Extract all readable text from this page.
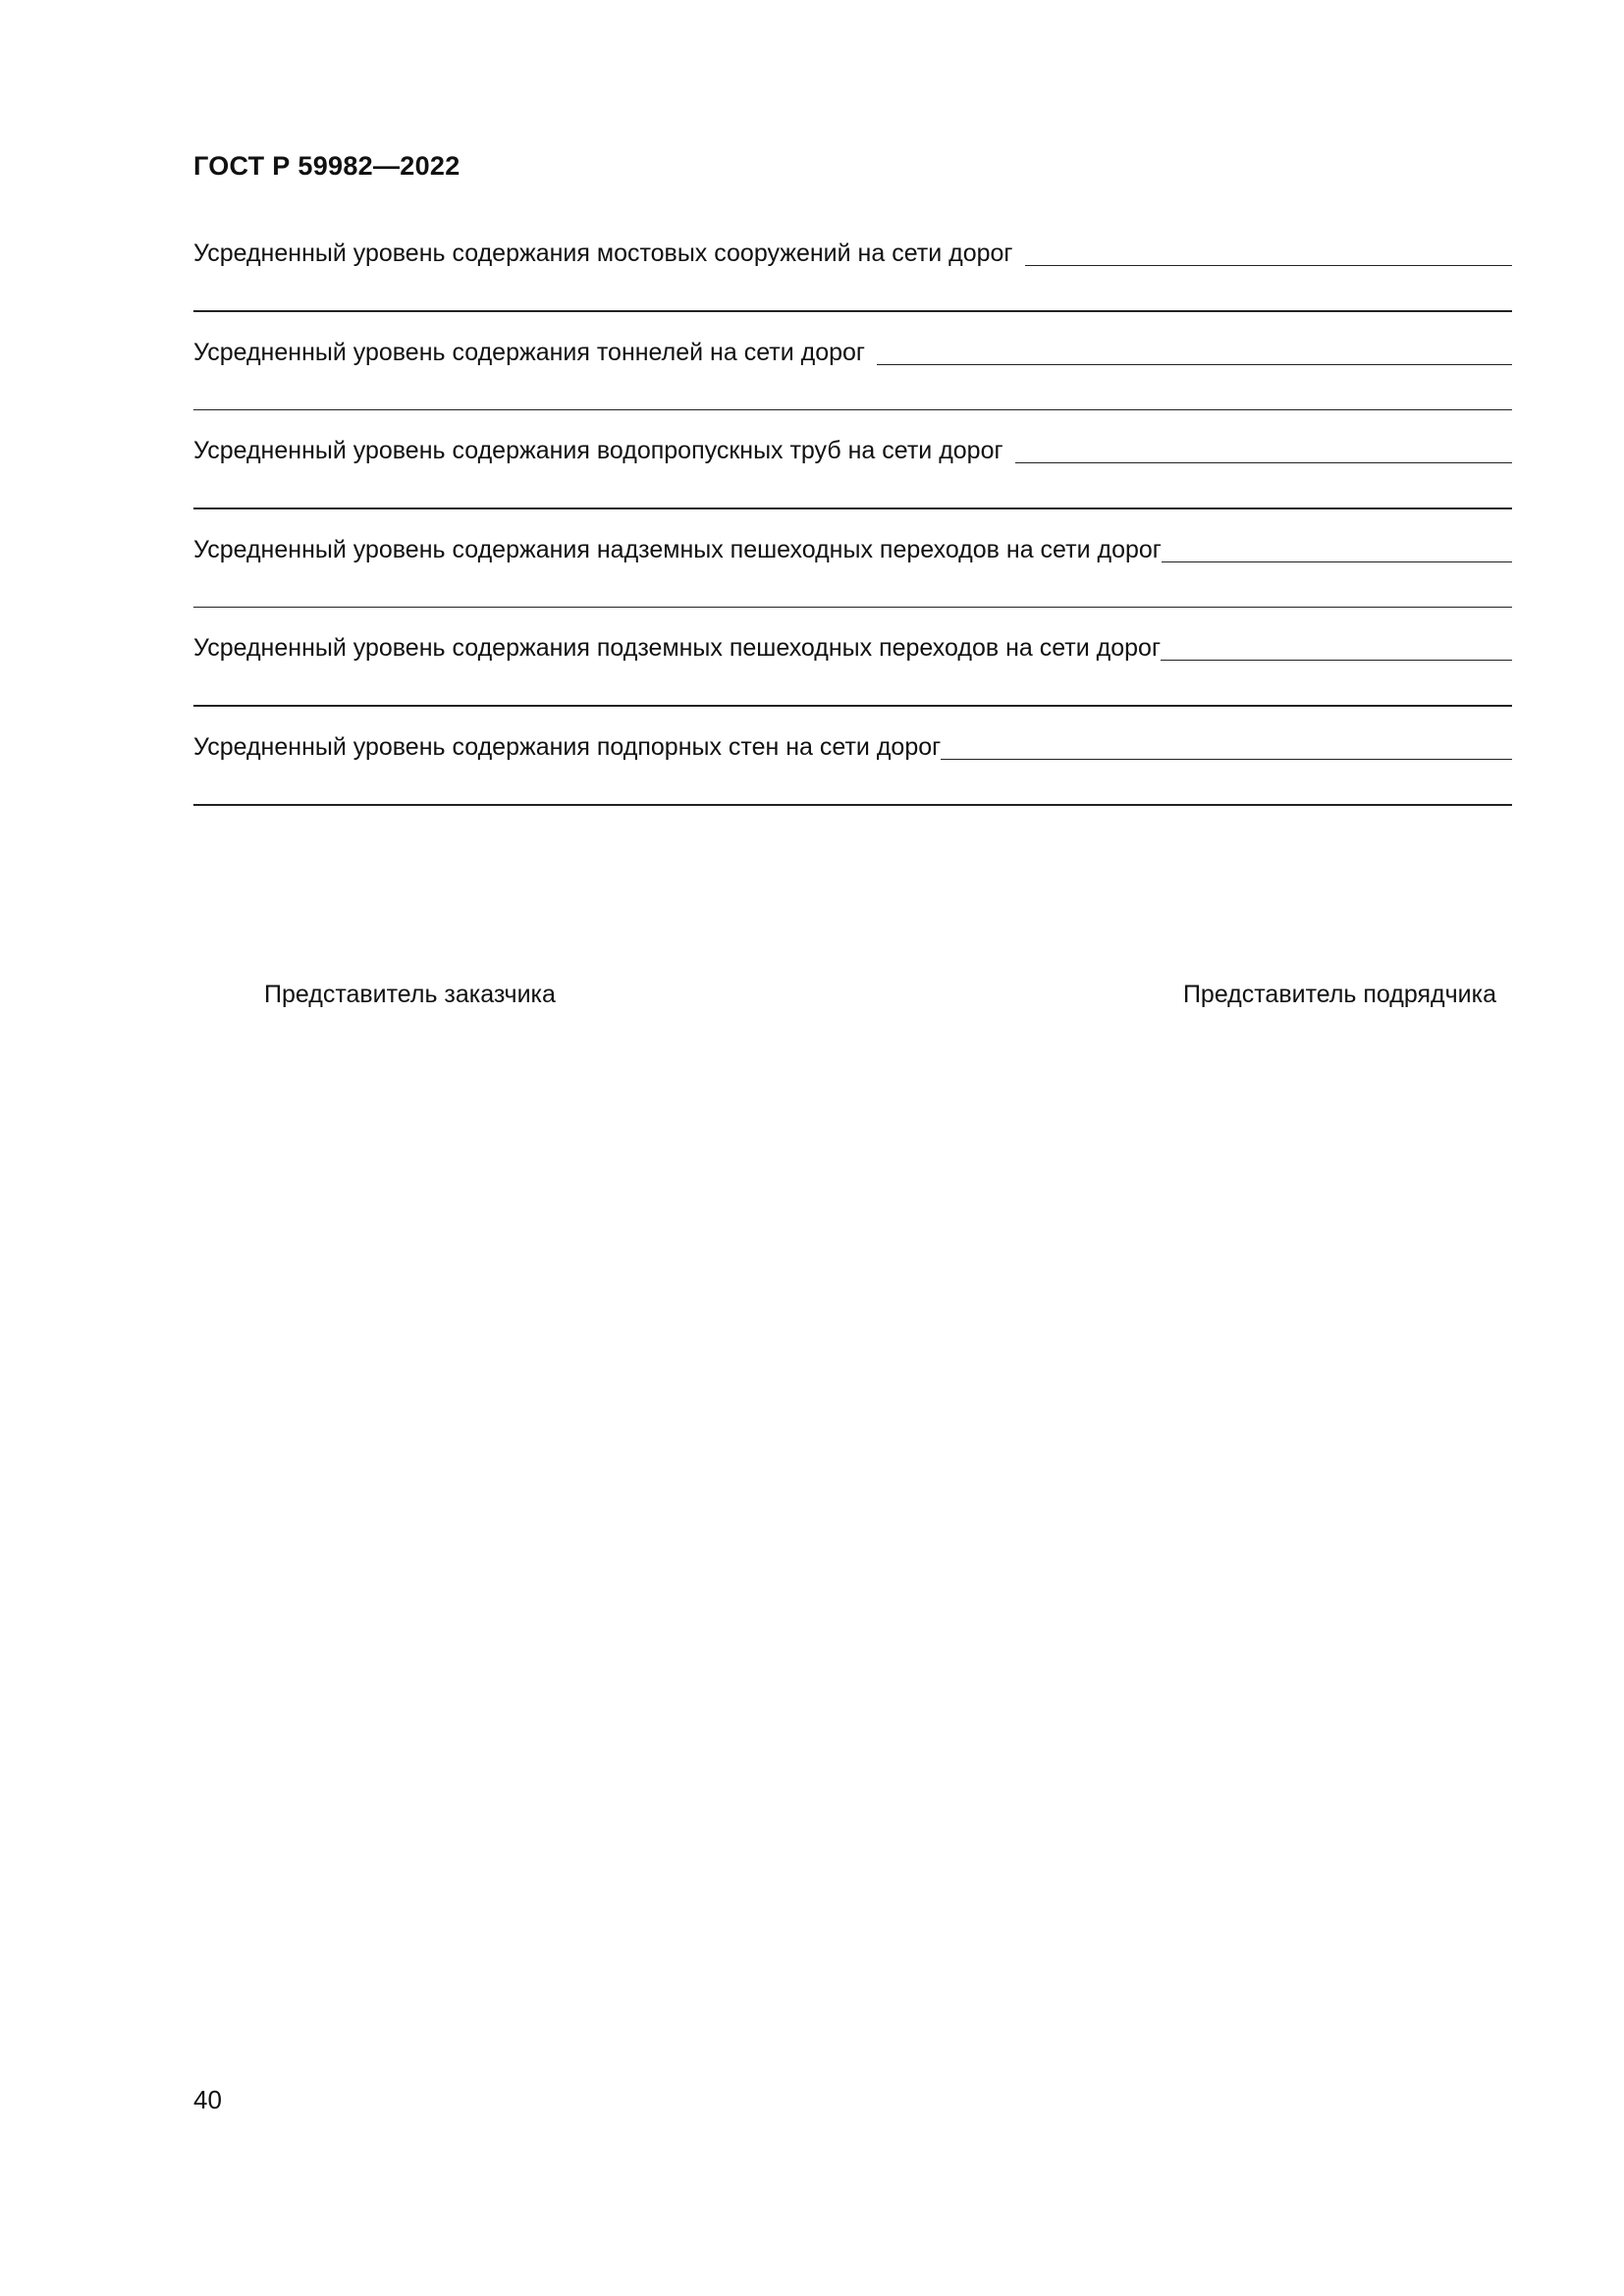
ГОСТ Р 59982—2022
Усредненный уровень содержания мостовых сооружений на сети дорог
Усредненный уровень содержания тоннелей на сети дорог
Усредненный уровень содержания водопропускных труб на сети дорог
Усредненный уровень содержания надземных пешеходных переходов на сети дорог
Усредненный уровень содержания подземных пешеходных переходов на сети дорог
Усредненный уровень содержания подпорных стен на сети дорог
Представитель заказчика	Представитель подрядчика
40
